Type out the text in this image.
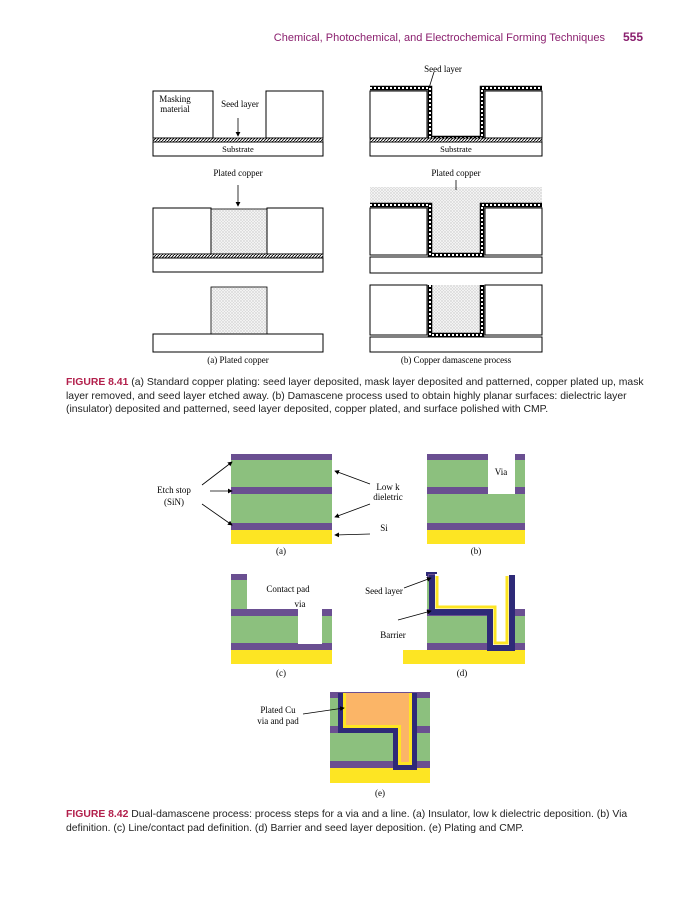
Chemical, Photochemical, and Electrochemical Forming Techniques 555
Masking
material	Seed layer
Substrate
Seed layer
Substrate
Plated copper	Plated copper
(a) Plated copper	(b) Copper damascene process
Etch stop
(SiN)
Low k
dieletric
Si
Via
Contact pad
via
Seed layer
Barrier
Plated Cu
via and pad
(a)	(b)
(c)	(d)
(e)
FIGURE 8.41 (a) Standard copper plating: seed layer deposited, mask layer deposited and patterned, copper plated up, mask layer removed, and seed layer etched away. (b) Damascene process used to obtain highly planar surfaces: dielectric layer (insulator) deposited and patterned, seed layer deposited, copper plated, and surface polished with CMP.
FIGURE 8.42 Dual-damascene process: process steps for a via and a line. (a) Insulator, low k dielectric deposition. (b) Via definition. (c) Line/contact pad definition. (d) Barrier and seed layer deposition. (e) Plating and CMP.
